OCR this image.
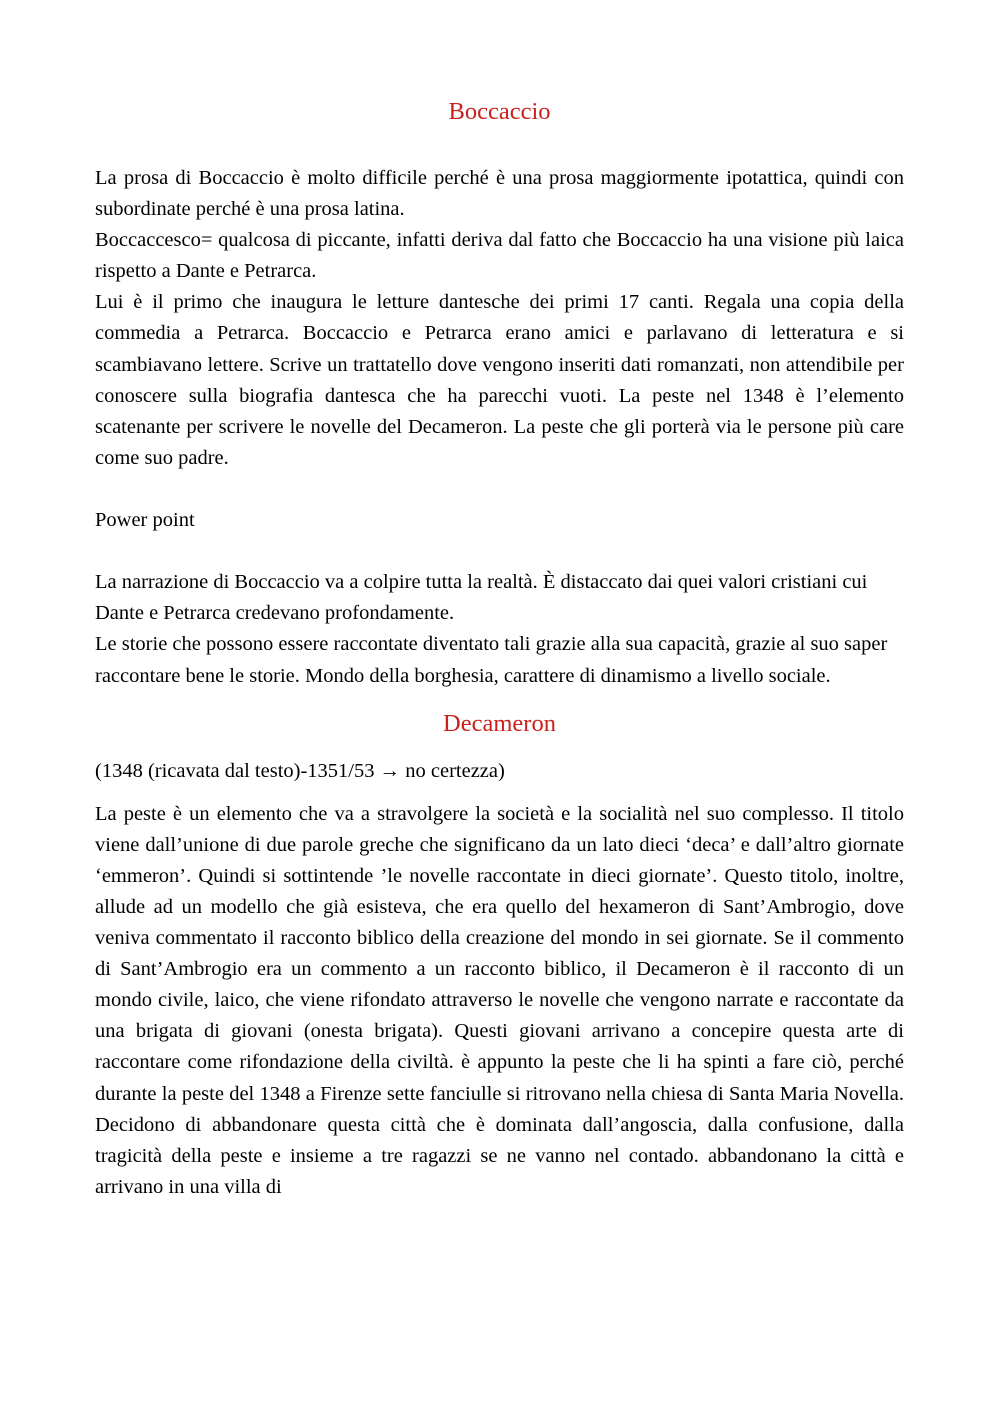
Boccaccio

La prosa di Boccaccio è molto difficile perché è una prosa maggiormente ipotattica, quindi con subordinate perché è una prosa latina.

Boccaccesco= qualcosa di piccante, infatti deriva dal fatto che Boccaccio ha una visione più laica rispetto a Dante e Petrarca.

Lui è il primo che inaugura le letture dantesche dei primi 17 canti. Regala una copia della commedia a Petrarca. Boccaccio e Petrarca erano amici e parlavano di letteratura e si scambiavano lettere. Scrive un trattatello dove vengono inseriti dati romanzati, non attendibile per conoscere sulla biografia dantesca che ha parecchi vuoti. La peste nel 1348 è l’elemento scatenante per scrivere le novelle del Decameron. La peste che gli porterà via le persone più care come suo padre.

Power point

La narrazione di Boccaccio va a colpire tutta la realtà. È distaccato dai quei valori cristiani cui Dante e Petrarca credevano profondamente.

Le storie che possono essere raccontate diventato tali grazie alla sua capacità, grazie al suo saper raccontare bene le storie. Mondo della borghesia, carattere di dinamismo a livello sociale.

Decameron

(1348 (ricavata dal testo)-1351/53 → no certezza)

La peste è un elemento che va a stravolgere la società e la socialità nel suo complesso. Il titolo viene dall’unione di due parole greche che significano da un lato dieci ‘deca’ e dall’altro giornate ‘emmeron’. Quindi si sottintende ’le novelle raccontate in dieci giornate’. Questo titolo, inoltre, allude ad un modello che già esisteva, che era quello del hexameron di Sant’Ambrogio, dove veniva commentato il racconto biblico della creazione del mondo in sei giornate. Se il commento di Sant’Ambrogio era un commento a un racconto biblico, il Decameron è il racconto di un mondo civile, laico, che viene rifondato attraverso le novelle che vengono narrate e raccontate da una brigata di giovani (onesta brigata). Questi giovani arrivano a concepire questa arte di raccontare come rifondazione della civiltà. è appunto la peste che li ha spinti a fare ciò, perché durante la peste del 1348 a Firenze sette fanciulle si ritrovano nella chiesa di Santa Maria Novella. Decidono di abbandonare questa città che è dominata dall’angoscia, dalla confusione, dalla tragicità della peste e insieme a tre ragazzi se ne vanno nel contado. abbandonano la città e arrivano in una villa di
